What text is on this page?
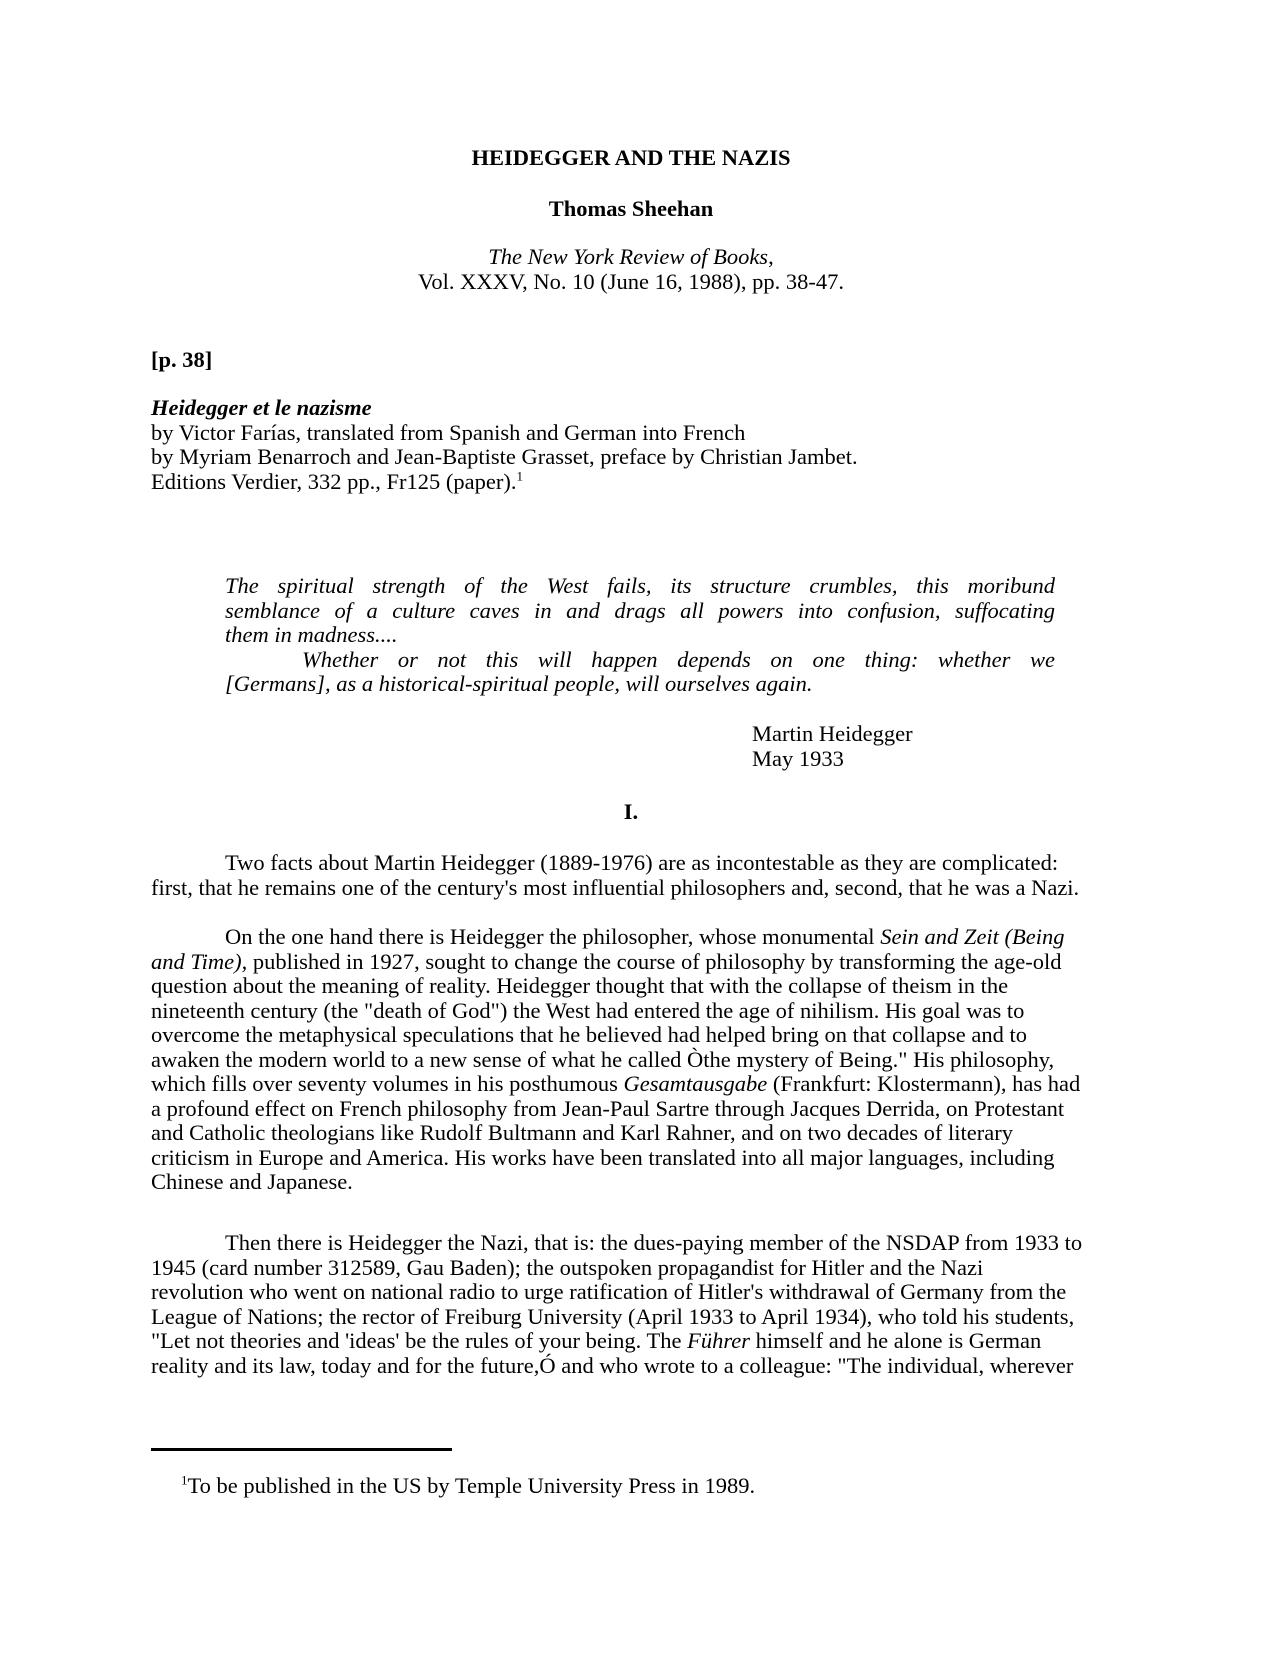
HEIDEGGER AND THE NAZIS
Thomas Sheehan
The New York Review of Books,
Vol. XXXV, No. 10 (June 16, 1988), pp. 38-47.
[p. 38]
Heidegger et le nazisme
by Victor Farías, translated from Spanish and German into French
by Myriam Benarroch and Jean-Baptiste Grasset, preface by Christian Jambet.
Editions Verdier, 332 pp., Fr125 (paper).$^1$
The spiritual strength of the West fails, its structure crumbles, this moribund
semblance of a culture caves in and drags all powers into confusion, suffocating
them in madness....
Whether or not this will happen depends on one thing: whether we
[Germans], as a historical-spiritual people, will ourselves again.
Martin Heidegger
May 1933
I.
Two facts about Martin Heidegger (1889-1976) are as incontestable as they are complicated:
first, that he remains one of the century's most influential philosophers and, second, that he was a Nazi.
On the one hand there is Heidegger the philosopher, whose monumental Sein and Zeit (Being
and Time), published in 1927, sought to change the course of philosophy by transforming the age-old
question about the meaning of reality. Heidegger thought that with the collapse of theism in the
nineteenth century (the "death of God") the West had entered the age of nihilism. His goal was to
overcome the metaphysical speculations that he believed had helped bring on that collapse and to
awaken the modern world to a new sense of what he called Òthe mystery of Being." His philosophy,
which fills over seventy volumes in his posthumous Gesamtausgabe (Frankfurt: Klostermann), has had
a profound effect on French philosophy from Jean-Paul Sartre through Jacques Derrida, on Protestant
and Catholic theologians like Rudolf Bultmann and Karl Rahner, and on two decades of literary
criticism in Europe and America. His works have been translated into all major languages, including
Chinese and Japanese.
Then there is Heidegger the Nazi, that is: the dues-paying member of the NSDAP from 1933 to
1945 (card number 312589, Gau Baden); the outspoken propagandist for Hitler and the Nazi
revolution who went on national radio to urge ratification of Hitler's withdrawal of Germany from the
League of Nations; the rector of Freiburg University (April 1933 to April 1934), who told his students,
"Let not theories and 'ideas' be the rules of your being. The Führer himself and he alone is German
reality and its law, today and for the future,Ó and who wrote to a colleague: "The individual, wherever
$^1$To be published in the US by Temple University Press in 1989.
